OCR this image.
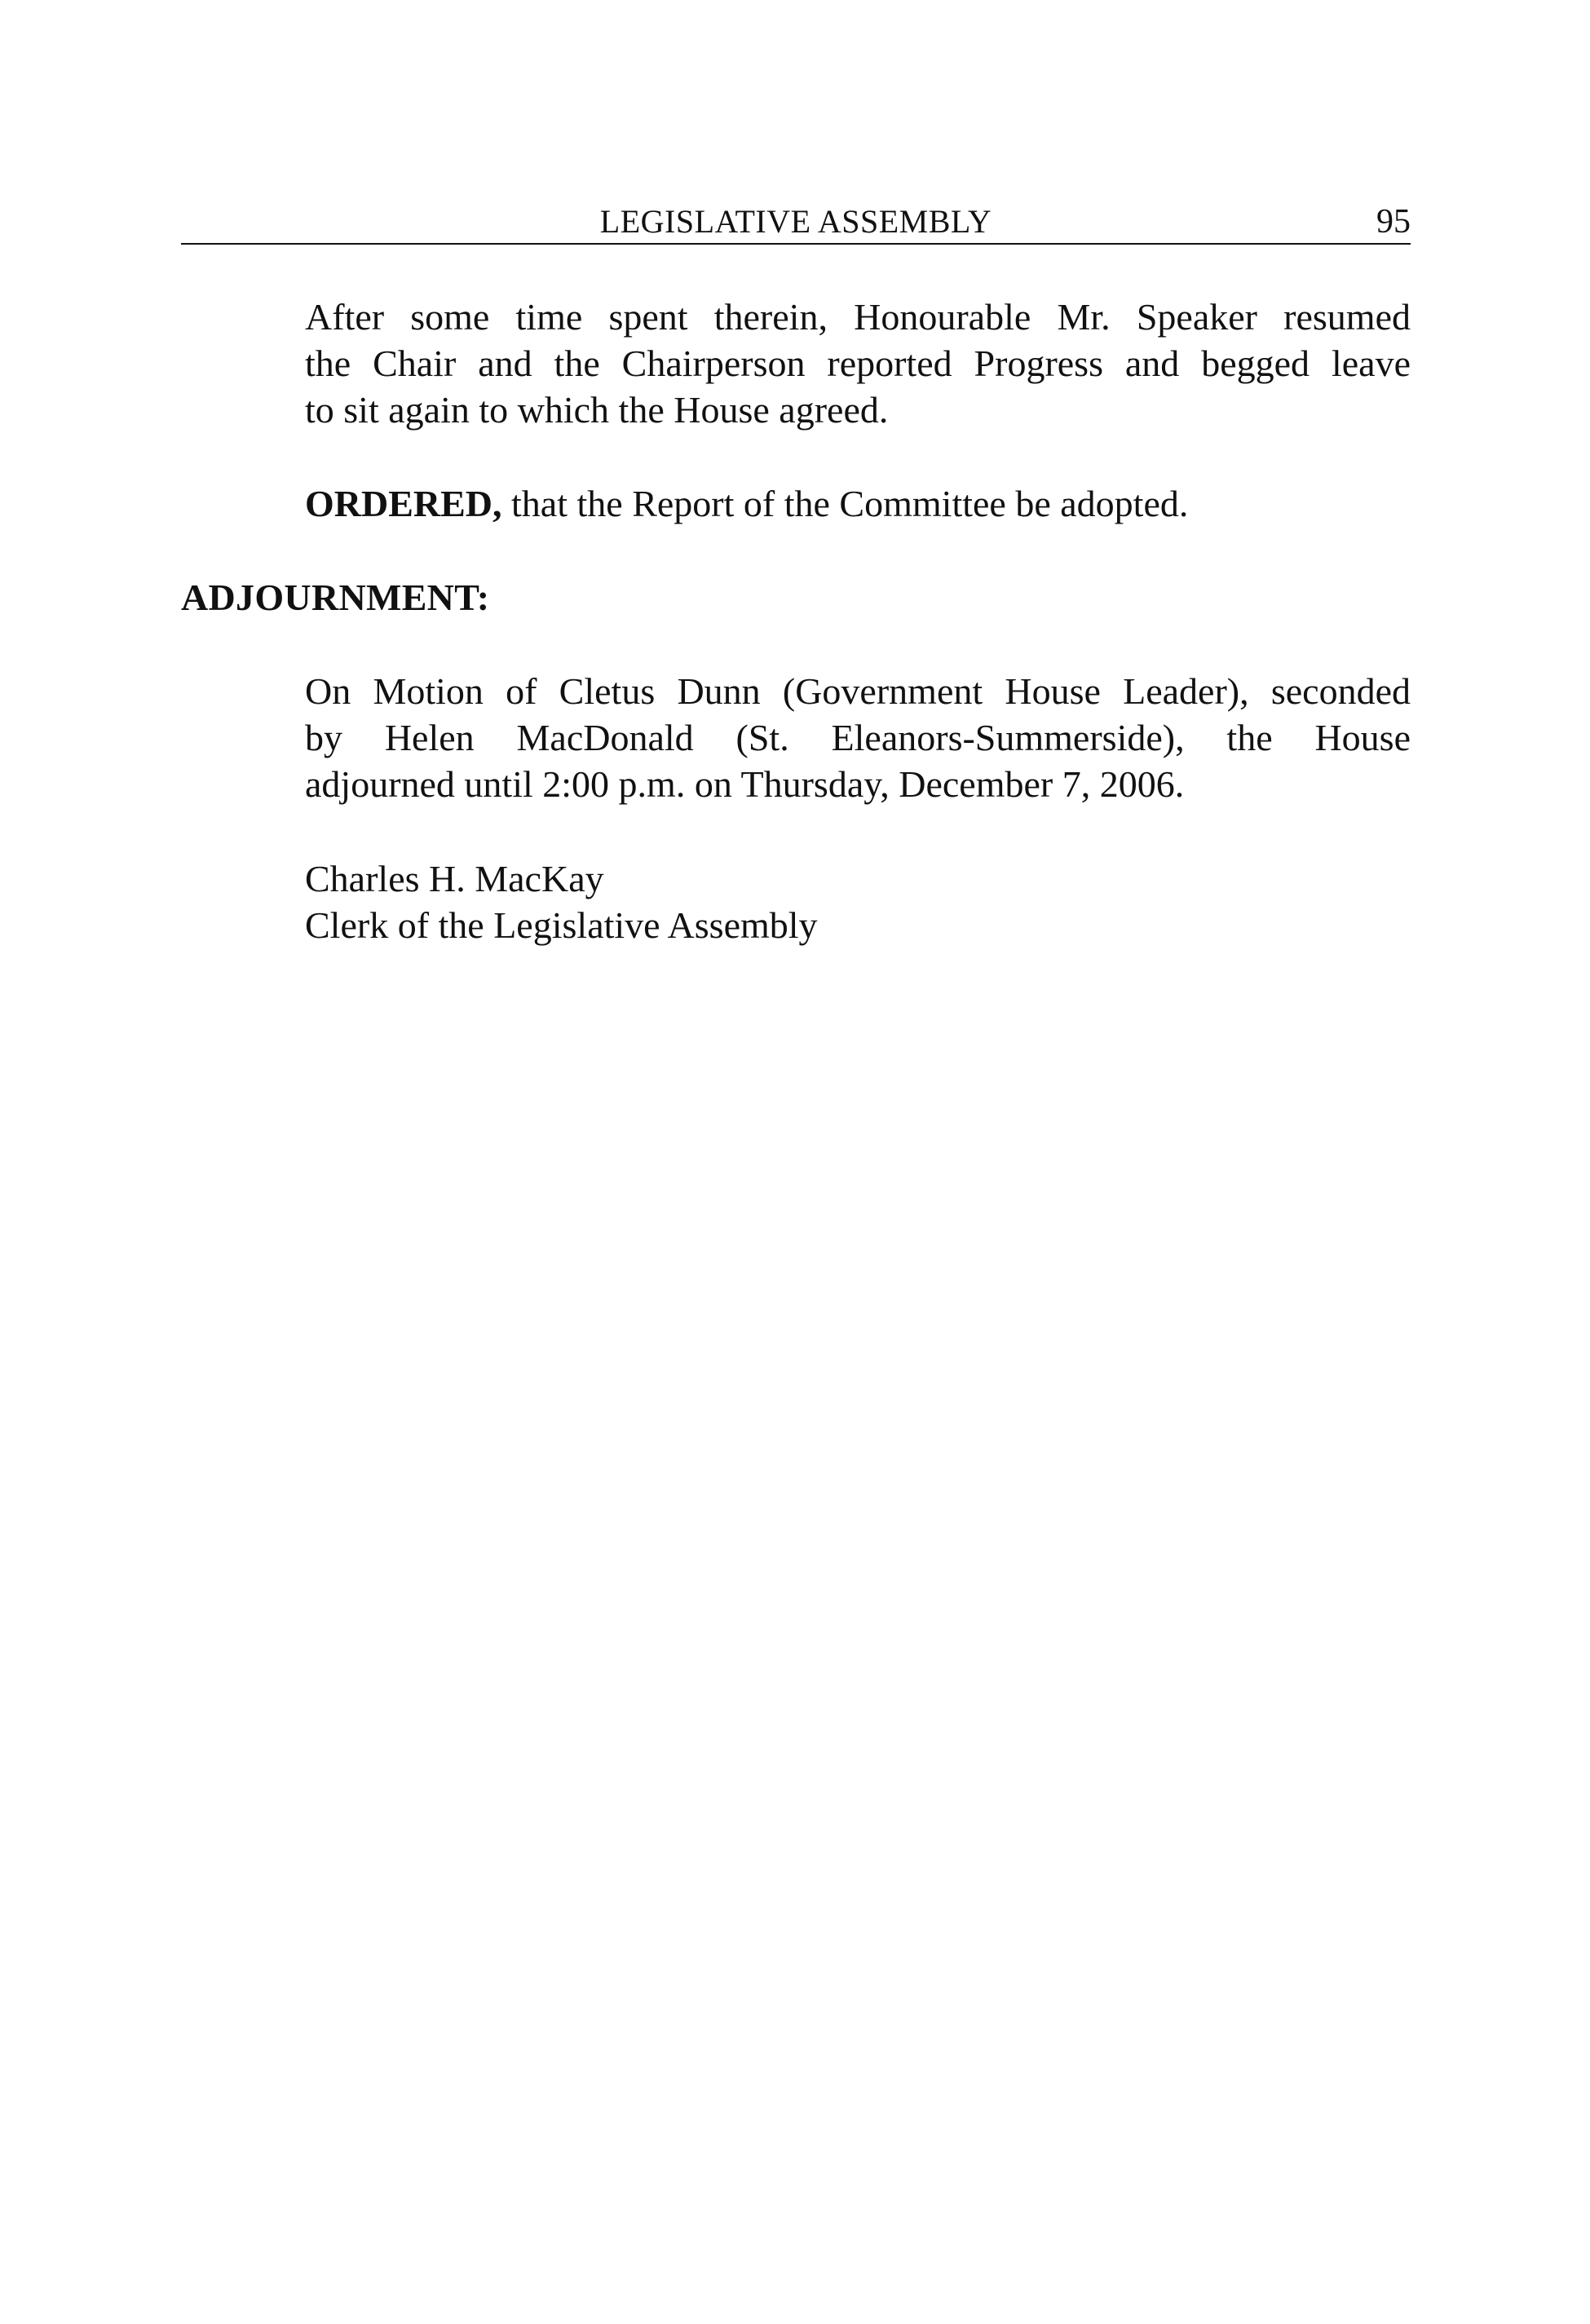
LEGISLATIVE ASSEMBLY	95
After some time spent therein, Honourable Mr. Speaker resumed
the Chair and the Chairperson reported Progress and begged leave
to sit again to which the House agreed.
ORDERED, that the Report of the Committee be adopted.
ADJOURNMENT:
On Motion of Cletus Dunn (Government House Leader), seconded
by Helen MacDonald (St. Eleanors-Summerside), the House
adjourned until 2:00 p.m. on Thursday, December 7, 2006.
Charles H. MacKay
Clerk of the Legislative Assembly
